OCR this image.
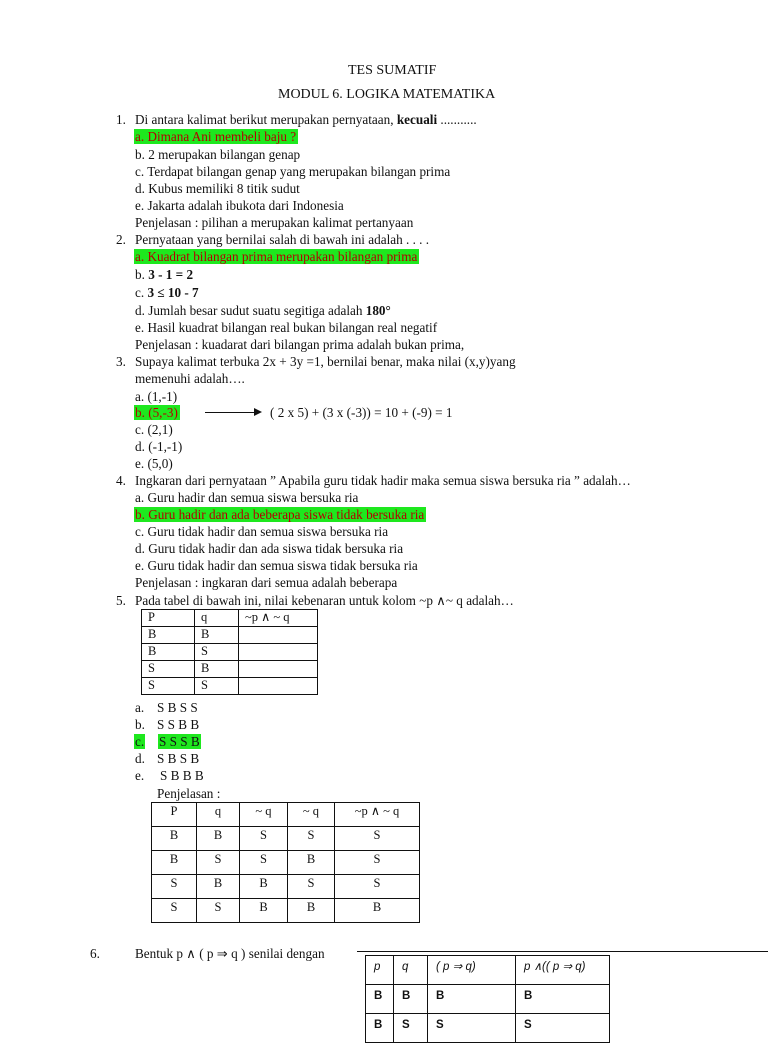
TES SUMATIF
MODUL 6. LOGIKA MATEMATIKA
1. Di antara kalimat berikut merupakan pernyataan, kecuali ...........
a. Dimana Ani membeli baju ?
b. 2 merupakan bilangan genap
c. Terdapat bilangan genap yang merupakan bilangan prima
d. Kubus memiliki 8 titik sudut
e. Jakarta adalah ibukota dari Indonesia
Penjelasan : pilihan a merupakan kalimat pertanyaan
2. Pernyataan yang bernilai salah di bawah ini adalah . . . .
a. Kuadrat bilangan prima merupakan bilangan prima
b. 3 - 1 = 2
c. 3 ≤ 10 - 7
d. Jumlah besar sudut suatu segitiga adalah 180°
e. Hasil kuadrat bilangan real bukan bilangan real negatif
Penjelasan : kuadarat dari bilangan prima adalah bukan prima,
3. Supaya kalimat terbuka 2x + 3y =1, bernilai benar, maka nilai (x,y)yang
memenuhi adalah….
a. (1,-1)
b. (5,-3)	( 2 x 5) + (3 x (-3)) = 10 + (-9) = 1
c. (2,1)
d. (-1,-1)
e. (5,0)
4. Ingkaran dari pernyataan ” Apabila guru tidak hadir maka semua siswa bersuka ria ” adalah…
a. Guru hadir dan semua siswa bersuka ria
b. Guru hadir dan ada beberapa siswa tidak bersuka ria
c. Guru tidak hadir dan semua siswa bersuka ria
d. Guru tidak hadir dan ada siswa tidak bersuka ria
e. Guru tidak hadir dan semua siswa tidak bersuka ria
Penjelasan : ingkaran dari semua adalah beberapa
5. Pada tabel di bawah ini, nilai kebenaran untuk kolom ~p ∧~ q adalah…
P	q	~p ∧ ~ q
B	B	
B	S	
S	B	
S	S	
a. S B S S
b. S S B B
c. S S S B
d. S B S B
e. S B B B
Penjelasan :
P	q	~ q	~ q	~p ∧ ~ q
B	B	S	S	S
B	S	S	B	S
S	B	B	S	S
S	S	B	B	B
6.	Bentuk p ∧ ( p ⇒ q ) senilai dengan
p	q	( p ⇒ q)	p ∧(( p ⇒ q)
B	B	B	B
B	S	S	S
